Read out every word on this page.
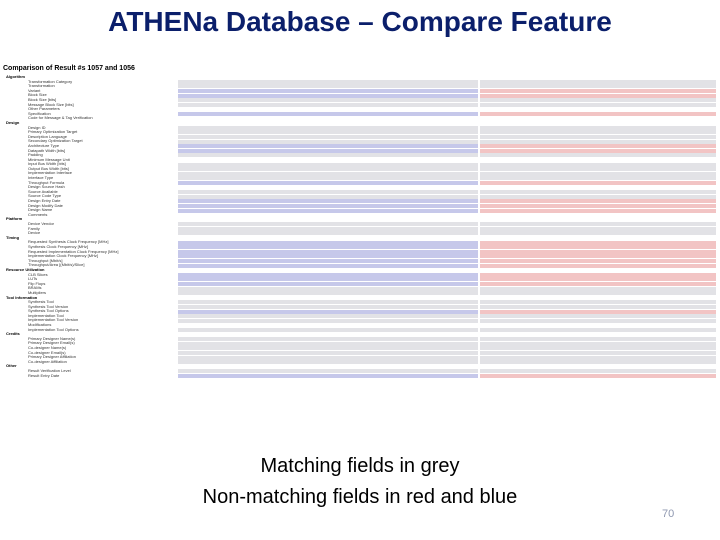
ATHENa Database – Compare Feature
Comparison of Result #s 1057 and 1056
Algorithm
Transformation Category
Transformation
Variant
Block Size
Block Size [bits]
Message Block Size [bits]
Other Parameters
Specification
Code for Message & Tag Verification
Design
Design ID
Primary Optimization Target
Description Language
Secondary Optimization Target
Architecture Type
Datapath Width [bits]
Padding
Minimum Message Unit
Input Bus Width [bits]
Output Bus Width [bits]
Implementation Interface
Interface Type
Throughput Formula
Design Source Hash
Source Available
Source Code Type
Design Entry Date
Design Modify Date
Design Name
Comments
Platform
Device Vendor
Family
Device
Timing
Requested Synthesis Clock Frequency [MHz]
Synthesis Clock Frequency [MHz]
Requested Implementation Clock Frequency [MHz]
Implementation Clock Frequency [MHz]
Throughput [Mbit/s]
Throughput/Area [(Mbit/s)/Slice]
Resource Utilization
CLB Slices
LUTs
Flip Flops
BRAMs
Multipliers
Tool Information
Synthesis Tool
Synthesis Tool Version
Synthesis Tool Options
Implementation Tool
Implementation Tool Version
Modifications
Implementation Tool Options
Credits
Primary Designer Name(s)
Primary Designer Email(s)
Co-designer Name(s)
Co-designer Email(s)
Primary Designer Affiliation
Co-designer Affiliation
Other
Result Verification Level
Result Entry Date
Matching fields in grey
Non-matching fields in red and blue
70
